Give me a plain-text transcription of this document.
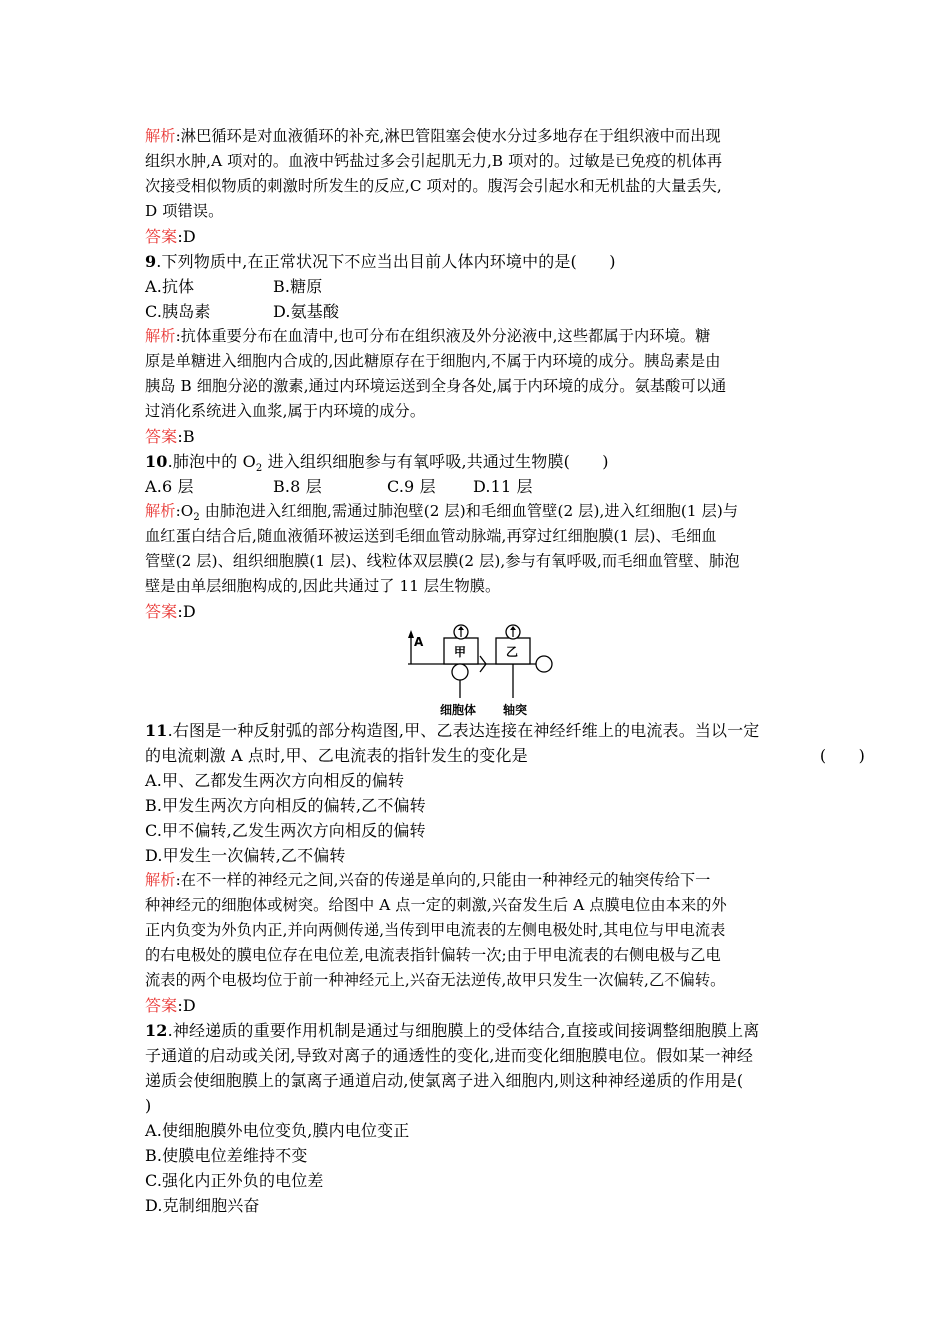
解析:淋巴循环是对血液循环的补充,淋巴管阻塞会使水分过多地存在于组织液中而出现
组织水肿,A 项对的。血液中钙盐过多会引起肌无力,B 项对的。过敏是已免疫的机体再
次接受相似物质的刺激时所发生的反应,C 项对的。腹泻会引起水和无机盐的大量丢失,
D 项错误。
答案:D
9.下列物质中,在正常状况下不应当出目前人体内环境中的是(　　)
A.抗体	B.糖原
C.胰岛素	D.氨基酸
解析:抗体重要分布在血清中,也可分布在组织液及外分泌液中,这些都属于内环境。糖
原是单糖进入细胞内合成的,因此糖原存在于细胞内,不属于内环境的成分。胰岛素是由
胰岛 B 细胞分泌的激素,通过内环境运送到全身各处,属于内环境的成分。氨基酸可以通
过消化系统进入血浆,属于内环境的成分。
答案:B
10.肺泡中的 $O_2$ 进入组织细胞参与有氧呼吸,共通过生物膜(　　)
A.6 层	B.8 层	C.9 层 D.11 层
解析$:O_2$ 由肺泡进入红细胞,需通过肺泡壁(2 层)和毛细血管壁(2 层),进入红细胞(1 层)与
血红蛋白结合后,随血液循环被运送到毛细血管动脉端,再穿过红细胞膜(1 层)、毛细血
管壁(2 层)、组织细胞膜(1 层)、线粒体双层膜(2 层),参与有氧呼吸,而毛细血管壁、肺泡
壁是由单层细胞构成的,因此共通过了 11 层生物膜。
答案:D
A
甲	乙
细胞体 轴突
11.右图是一种反射弧的部分构造图,甲、乙表达连接在神经纤维上的电流表。当以一定
的电流刺激 A 点时,甲、乙电流表的指针发生的变化是	(　　)
A.甲、乙都发生两次方向相反的偏转
B.甲发生两次方向相反的偏转,乙不偏转
C.甲不偏转,乙发生两次方向相反的偏转
D.甲发生一次偏转,乙不偏转
解析:在不一样的神经元之间,兴奋的传递是单向的,只能由一种神经元的轴突传给下一
种神经元的细胞体或树突。给图中 A 点一定的刺激,兴奋发生后 A 点膜电位由本来的外
正内负变为外负内正,并向两侧传递,当传到甲电流表的左侧电极处时,其电位与甲电流表
的右电极处的膜电位存在电位差,电流表指针偏转一次;由于甲电流表的右侧电极与乙电
流表的两个电极均位于前一种神经元上,兴奋无法逆传,故甲只发生一次偏转,乙不偏转。
答案:D
12.神经递质的重要作用机制是通过与细胞膜上的受体结合,直接或间接调整细胞膜上离
子通道的启动或关闭,导致对离子的通透性的变化,进而变化细胞膜电位。假如某一神经
递质会使细胞膜上的氯离子通道启动,使氯离子进入细胞内,则这种神经递质的作用是(
)
A.使细胞膜外电位变负,膜内电位变正
B.使膜电位差维持不变
C.强化内正外负的电位差
D.克制细胞兴奋
